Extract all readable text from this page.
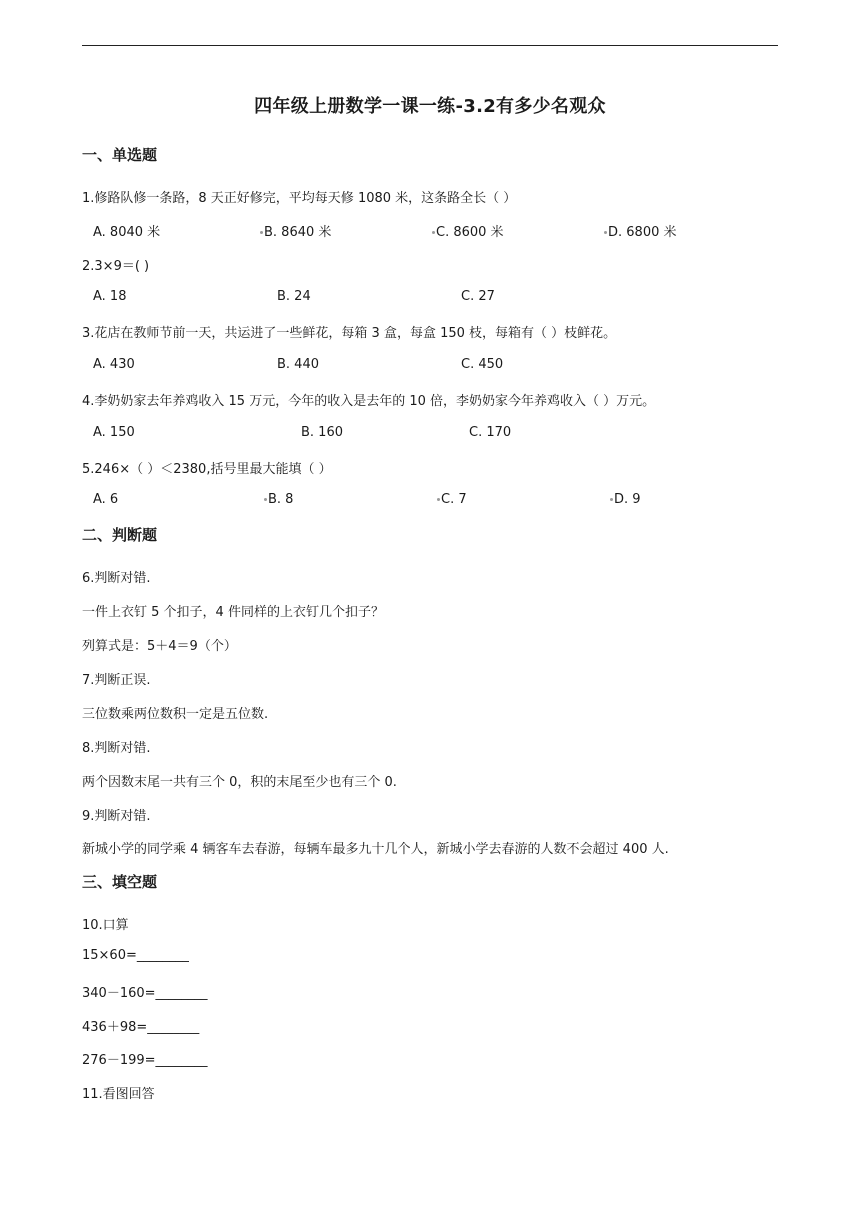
四年级上册数学一课一练-3.2有多少名观众
一、单选题
1.修路队修一条路，8 天正好修完，平均每天修 1080 米，这条路全长（ ）
A. 8040 米	B. 8640 米	C. 8600 米	D. 6800 米
2.3×9＝( )
A. 18	B. 24	C. 27
3.花店在教师节前一天，共运进了一些鲜花，每箱 3 盒，每盒 150 枝，每箱有（ ）枝鲜花。
A. 430	B. 440	C. 450
4.李奶奶家去年养鸡收入 15 万元，今年的收入是去年的 10 倍，李奶奶家今年养鸡收入（ ）万元。
A. 150	B. 160	C. 170
5.246×（ ）＜2380,括号里最大能填（ ）
A. 6	B. 8	C. 7	D. 9
二、判断题
6.判断对错.
一件上衣钉 5 个扣子，4 件同样的上衣钉几个扣子？
列算式是：5＋4＝9（个）
7.判断正误.
三位数乘两位数积一定是五位数.
8.判断对错.
两个因数末尾一共有三个 0，积的末尾至少也有三个 0.
9.判断对错.
新城小学的同学乘 4 辆客车去春游，每辆车最多九十几个人，新城小学去春游的人数不会超过 400 人.
三、填空题
10.口算
15×60=________
340－160=________
436＋98=________
276－199=________
11.看图回答
